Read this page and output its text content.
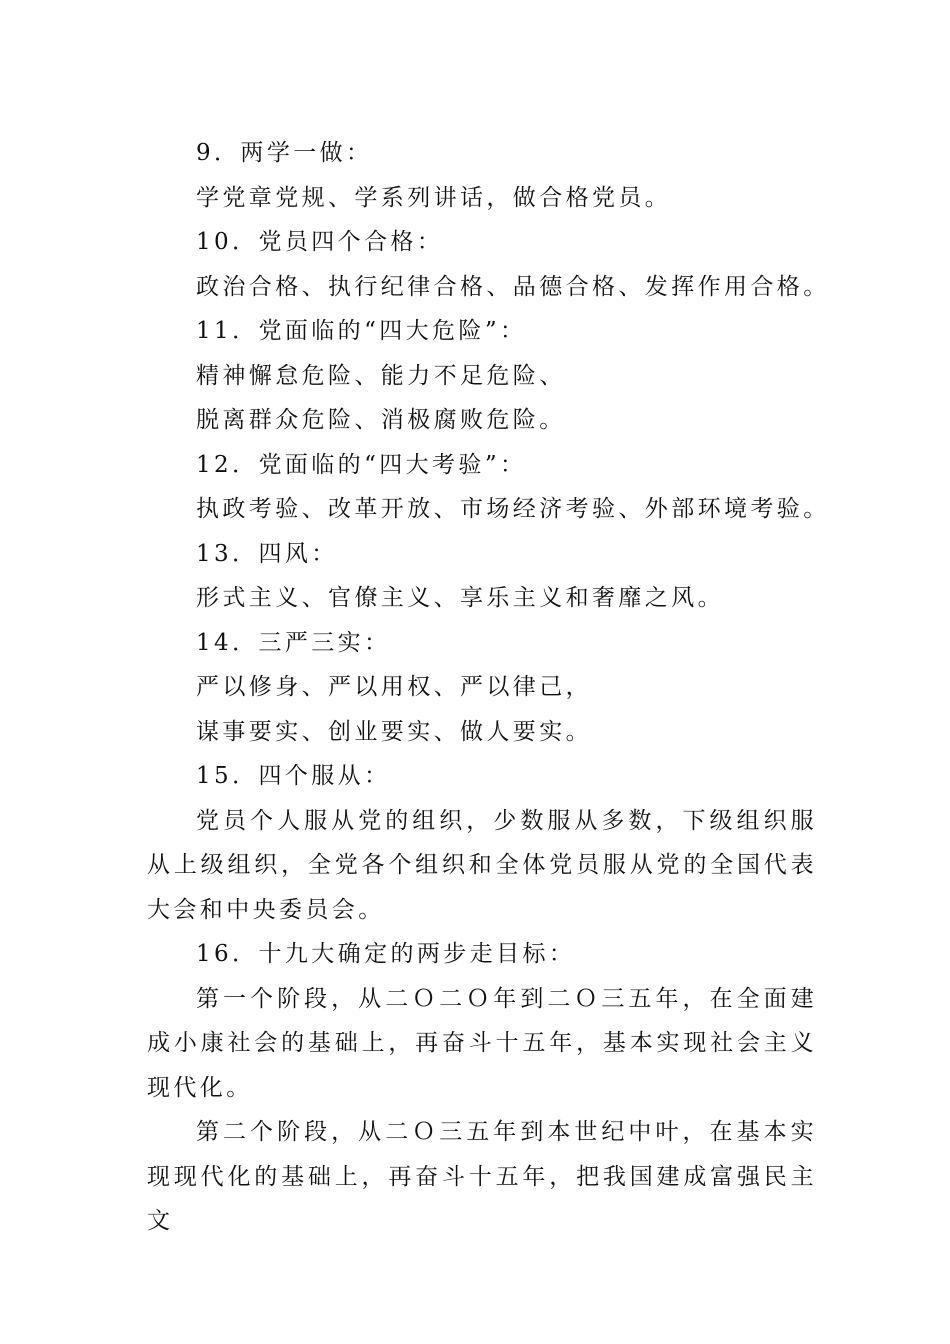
9．两学一做：
学党章党规、学系列讲话，做合格党员。
10．党员四个合格：
政治合格、执行纪律合格、品德合格、发挥作用合格。
11．党面临的“四大危险”：
精神懈怠危险、能力不足危险、
脱离群众危险、消极腐败危险。
12．党面临的“四大考验”：
执政考验、改革开放、市场经济考验、外部环境考验。
13．四风：
形式主义、官僚主义、享乐主义和奢靡之风。
14．三严三实：
严以修身、严以用权、严以律己，
谋事要实、创业要实、做人要实。
15．四个服从：

党员个人服从党的组织，少数服从多数，下级组织服从上级组织，全党各个组织和全体党员服从党的全国代表大会和中央委员会。

16．十九大确定的两步走目标：

第一个阶段，从二Ｏ二Ｏ年到二Ｏ三五年，在全面建成小康社会的基础上，再奋斗十五年，基本实现社会主义现代化。

第二个阶段，从二Ｏ三五年到本世纪中叶，在基本实现现代化的基础上，再奋斗十五年，把我国建成富强民主文
